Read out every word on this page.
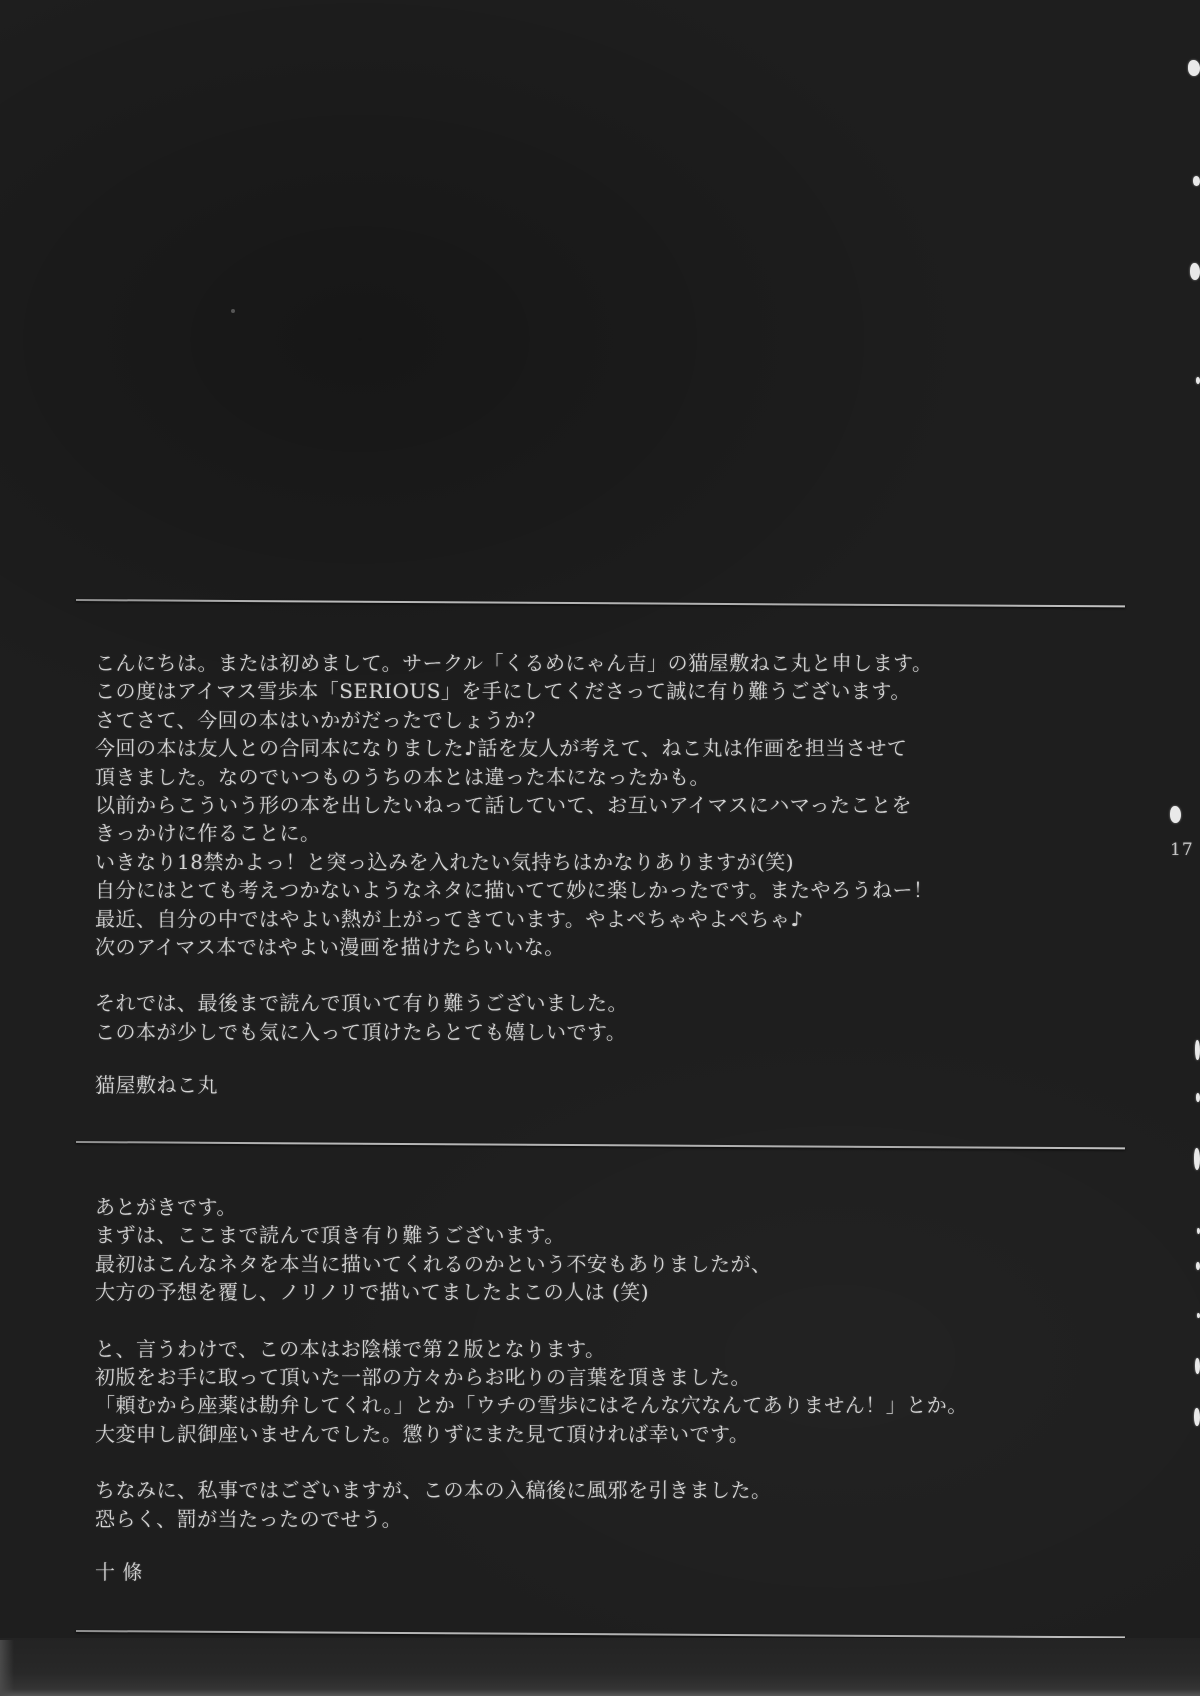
こんにちは。または初めまして。サークル「くるめにゃん吉」の猫屋敷ねこ丸と申します。
この度はアイマス雪歩本「SERIOUS」を手にしてくださって誠に有り難うございます。
さてさて、今回の本はいかがだったでしょうか？
今回の本は友人との合同本になりました♪話を友人が考えて、ねこ丸は作画を担当させて
頂きました。なのでいつものうちの本とは違った本になったかも。
以前からこういう形の本を出したいねって話していて、お互いアイマスにハマったことを
きっかけに作ることに。
いきなり18禁かよっ！と突っ込みを入れたい気持ちはかなりありますが(笑)
自分にはとても考えつかないようなネタに描いてて妙に楽しかったです。またやろうねー！
最近、自分の中ではやよい熱が上がってきています。やよぺちゃやよぺちゃ♪
次のアイマス本ではやよい漫画を描けたらいいな。
それでは、最後まで読んで頂いて有り難うございました。
この本が少しでも気に入って頂けたらとても嬉しいです。
猫屋敷ねこ丸
あとがきです。
まずは、ここまで読んで頂き有り難うございます。
最初はこんなネタを本当に描いてくれるのかという不安もありましたが、
大方の予想を覆し、ノリノリで描いてましたよこの人は (笑)
と、言うわけで、この本はお陰様で第２版となります。
初版をお手に取って頂いた一部の方々からお叱りの言葉を頂きました。
「頼むから座薬は勘弁してくれ。」とか「ウチの雪歩にはそんな穴なんてありません！」とか。
大変申し訳御座いませんでした。懲りずにまた見て頂ければ幸いです。
ちなみに、私事ではございますが、この本の入稿後に風邪を引きました。
恐らく、罰が当たったのでせう。
十 條
17
